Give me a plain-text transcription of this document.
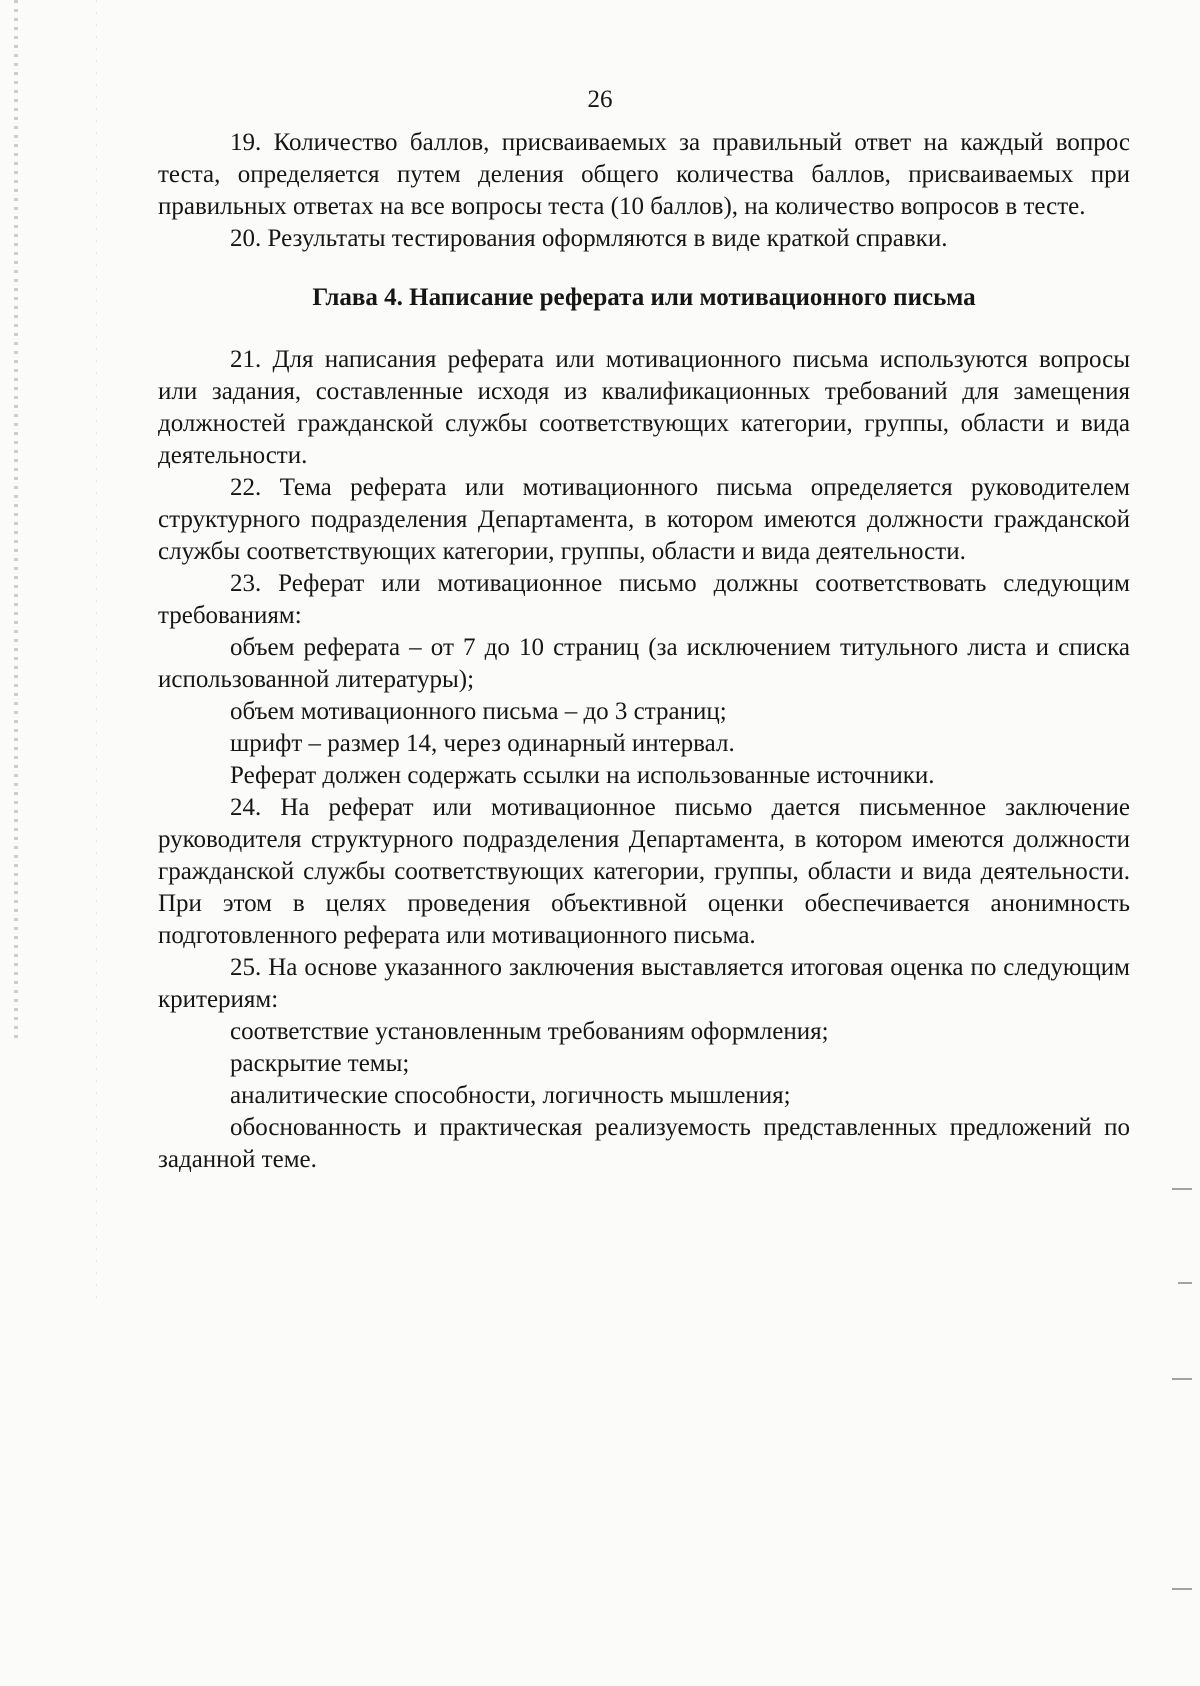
26

19. Количество баллов, присваиваемых за правильный ответ на каждый вопрос теста, определяется путем деления общего количества баллов, присваиваемых при правильных ответах на все вопросы теста (10 баллов), на количество вопросов в тесте.

20. Результаты тестирования оформляются в виде краткой справки.

Глава 4. Написание реферата или мотивационного письма

21. Для написания реферата или мотивационного письма используются вопросы или задания, составленные исходя из квалификационных требований для замещения должностей гражданской службы соответствующих категории, группы, области и вида деятельности.

22. Тема реферата или мотивационного письма определяется руководителем структурного подразделения Департамента, в котором имеются должности гражданской службы соответствующих категории, группы, области и вида деятельности.

23. Реферат или мотивационное письмо должны соответствовать следующим требованиям:

объем реферата – от 7 до 10 страниц (за исключением титульного листа и списка использованной литературы);

объем мотивационного письма – до 3 страниц;

шрифт – размер 14, через одинарный интервал.

Реферат должен содержать ссылки на использованные источники.

24. На реферат или мотивационное письмо дается письменное заключение руководителя структурного подразделения Департамента, в котором имеются должности гражданской службы соответствующих категории, группы, области и вида деятельности. При этом в целях проведения объективной оценки обеспечивается анонимность подготовленного реферата или мотивационного письма.

25. На основе указанного заключения выставляется итоговая оценка по следующим критериям:

соответствие установленным требованиям оформления;

раскрытие темы;

аналитические способности, логичность мышления;

обоснованность и практическая реализуемость представленных предложений по заданной теме.
